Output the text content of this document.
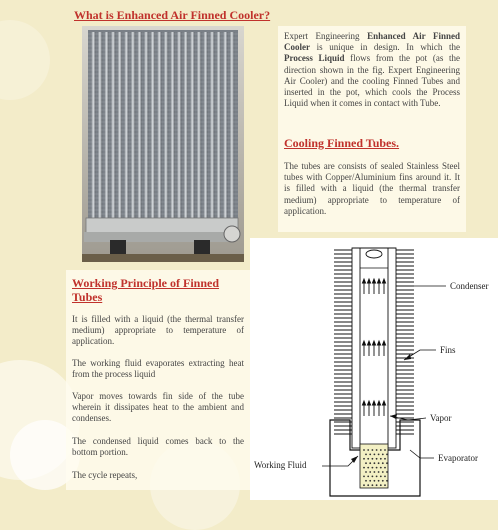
What is Enhanced Air Finned Cooler?

Expert Engineering Enhanced Air Finned Cooler is unique in design. In which the Process Liquid flows from the pot (as the direction shown in the fig. Expert Engineering Air Cooler) and the cooling Finned Tubes and inserted in the pot, which cools the Process Liquid when it comes in contact with Tube.

Cooling Finned Tubes.

The tubes are consists of sealed Stainless Steel tubes with Copper/Aluminium fins around it. It is filled with a liquid (the thermal transfer medium) appropriate to temperature of application.

Working Principle of Finned Tubes

It is filled with a liquid (the thermal transfer medium) appropriate to temperature of application.

The working fluid evaporates extracting heat from the process liquid

Vapor moves towards fin side of the tube wherein it dissipates heat to the ambient and condenses.

The condensed liquid comes back to the bottom portion.

The cycle repeats,

Condenser
Fins
Vapor
Evaporator
Working Fluid
